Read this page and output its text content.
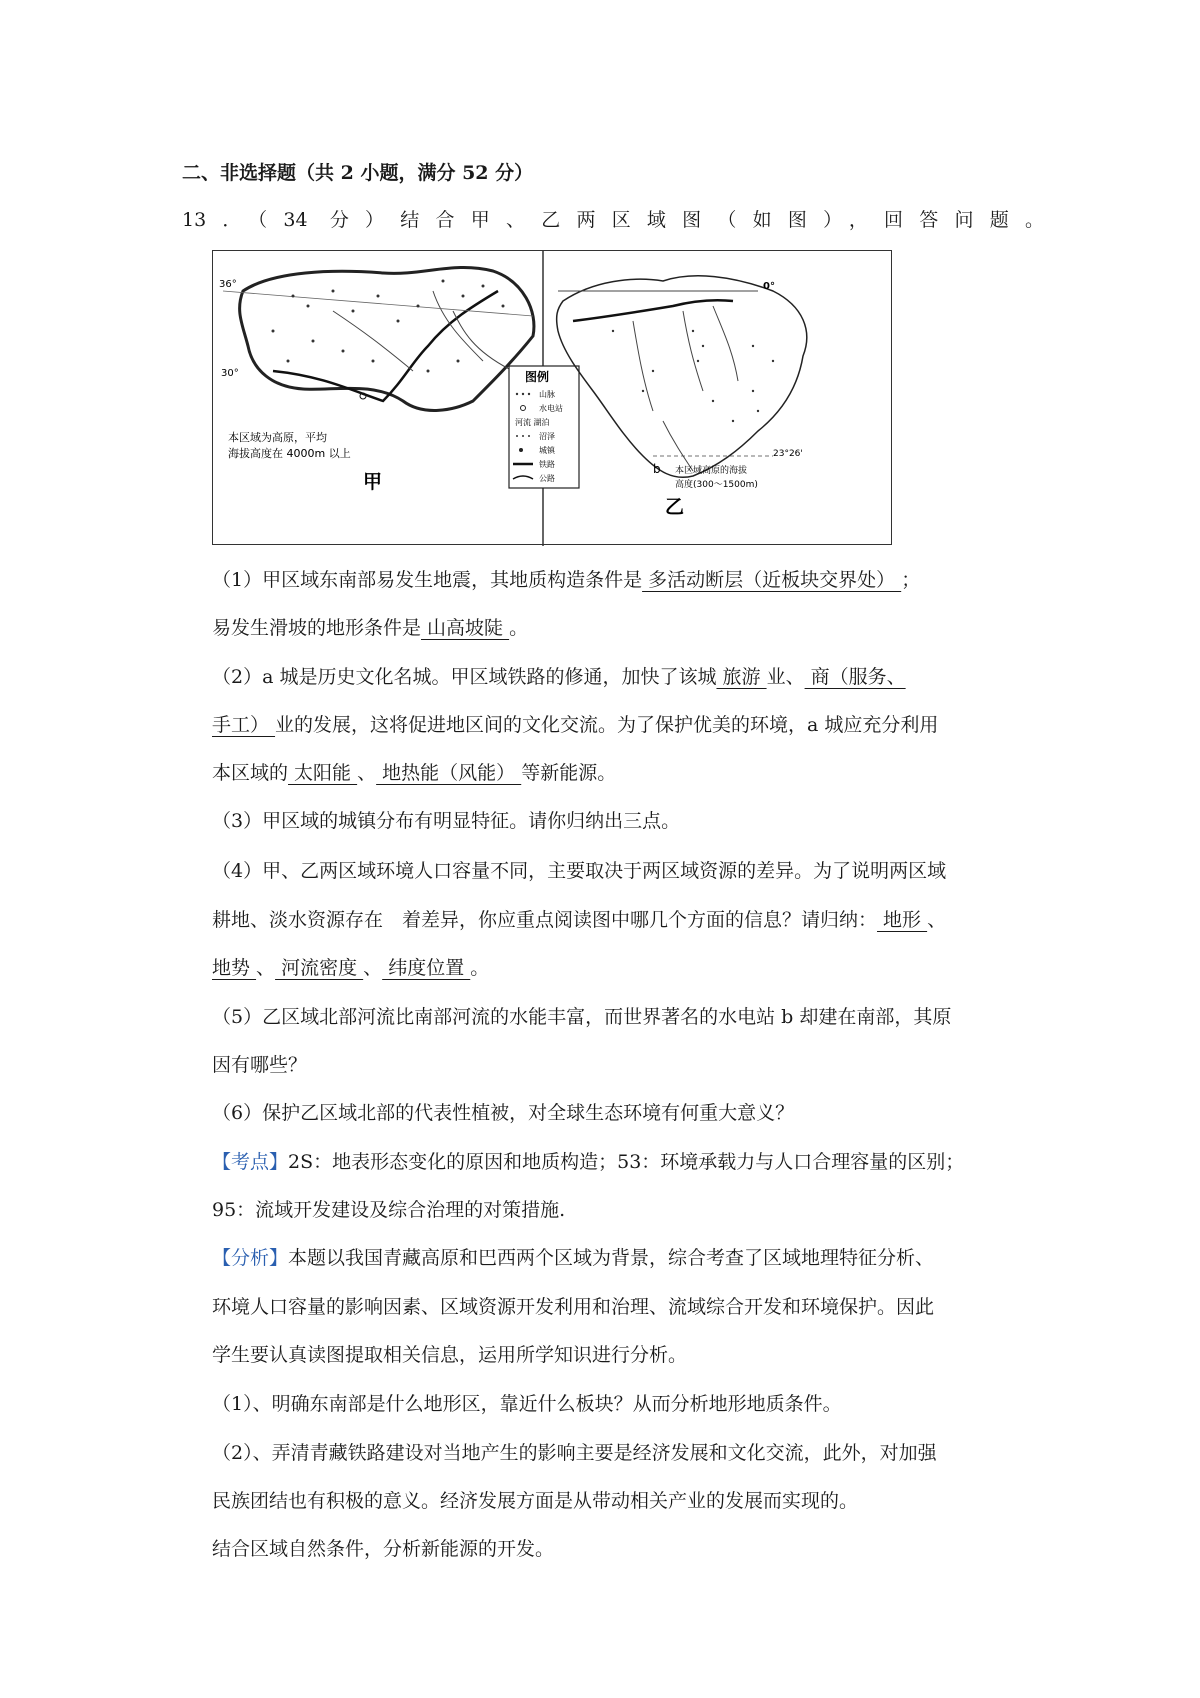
二、非选择题（共 2 小题，满分 52 分）
13．（34 分）结合甲、乙两区域图（如图），回答问题。
36°
30°
本区域为高原，平均
海拔高度在 4000m 以上
甲
图例
山脉
水电站
河流 湖泊
沼泽
城镇
铁路
公路
0°
23°26'
b 本区域高原的海拔
高度(300～1500m)
乙
（1）甲区域东南部易发生地震，其地质构造条件是 多活动断层（近板块交界处） ；
易发生滑坡的地形条件是 山高坡陡 。
（2）a 城是历史文化名城。甲区域铁路的修通，加快了该城 旅游 业、 商（服务、
手工） 业的发展，这将促进地区间的文化交流。为了保护优美的环境，a 城应充分利用
本区域的 太阳能 、 地热能（风能） 等新能源。
（3）甲区域的城镇分布有明显特征。请你归纳出三点。
（4）甲、乙两区域环境人口容量不同，主要取决于两区域资源的差异。为了说明两区域
耕地、淡水资源存在　着差异，你应重点阅读图中哪几个方面的信息？请归纳： 地形 、
地势 、 河流密度 、 纬度位置 。
（5）乙区域北部河流比南部河流的水能丰富，而世界著名的水电站 b 却建在南部，其原
因有哪些？
（6）保护乙区域北部的代表性植被，对全球生态环境有何重大意义？
【考点】2S：地表形态变化的原因和地质构造；53：环境承载力与人口合理容量的区别；
95：流域开发建设及综合治理的对策措施.
【分析】本题以我国青藏高原和巴西两个区域为背景，综合考查了区域地理特征分析、
环境人口容量的影响因素、区域资源开发利用和治理、流域综合开发和环境保护。因此
学生要认真读图提取相关信息，运用所学知识进行分析。
（1）、明确东南部是什么地形区，靠近什么板块？从而分析地形地质条件。
（2）、弄清青藏铁路建设对当地产生的影响主要是经济发展和文化交流，此外，对加强
民族团结也有积极的意义。经济发展方面是从带动相关产业的发展而实现的。
结合区域自然条件，分析新能源的开发。
